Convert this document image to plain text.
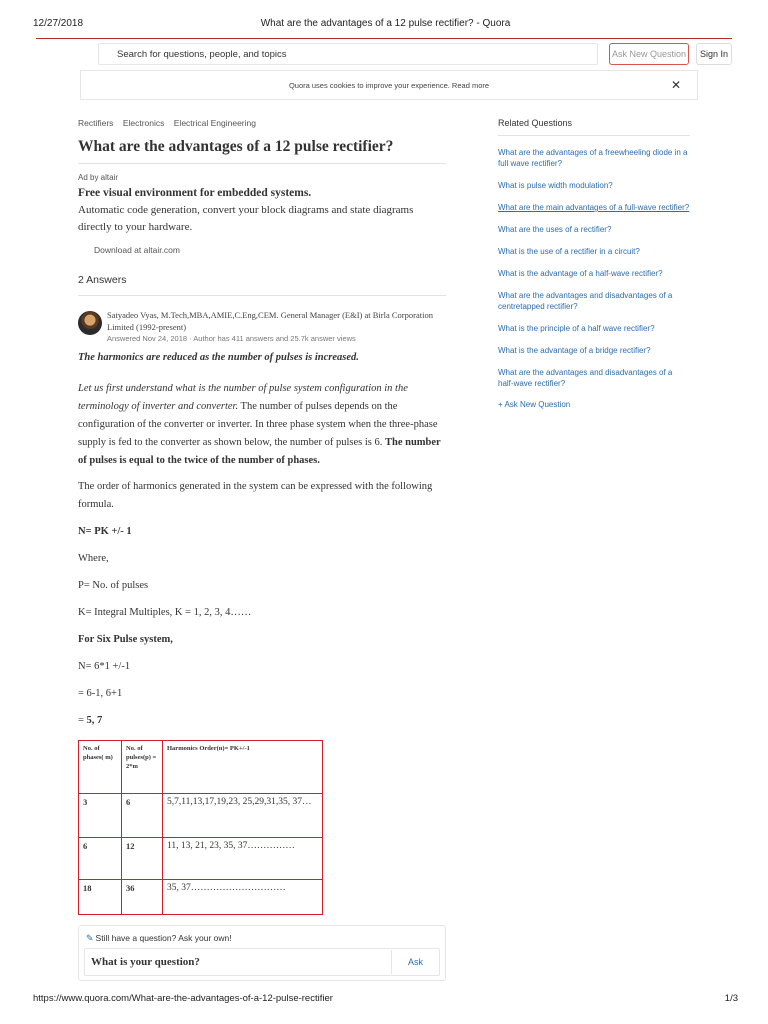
12/27/2018	What are the advantages of a 12 pulse rectifier? - Quora
Search for questions, people, and topics	Ask New Question	Sign In
Quora uses cookies to improve your experience. Read more	✕
Rectifiers Electronics Electrical Engineering
What are the advantages of a 12 pulse rectifier?
Ad by altair
Free visual environment for embedded systems.
Automatic code generation, convert your block diagrams and state diagrams directly to your hardware.
Download at altair.com
2 Answers
Satyadeo Vyas, M.Tech,MBA,AMIE,C.Eng,CEM. General Manager (E&I) at Birla Corporation Limited (1992-present)
Answered Nov 24, 2018 · Author has 411 answers and 25.7k answer views

The harmonics are reduced as the number of pulses is increased.

Let us first understand what is the number of pulse system configuration in the terminology of inverter and converter. The number of pulses depends on the configuration of the converter or inverter. In three phase system when the three-phase supply is fed to the converter as shown below, the number of pulses is 6. The number of pulses is equal to the twice of the number of phases.

The order of harmonics generated in the system can be expressed with the following formula.

N= PK +/- 1

Where,

P= No. of pulses

K= Integral Multiples, K = 1, 2, 3, 4……

For Six Pulse system,

N= 6*1 +/-1

= 6-1, 6+1

= 5, 7

No. of phases( m)	No. of pulses(p) = 2*m	Harmonics Order(n)= PK+/-1
3	6	5,7,11,13,17,19,23, 25,29,31,35, 37…
6	12	11, 13, 21, 23, 35, 37……………
18	36	35, 37…………………………
✎ Still have a question? Ask your own!
What is your question?	Ask
Related Questions
What are the advantages of a freewheeling diode in a full wave rectifier?
What is pulse width modulation?
What are the main advantages of a full-wave rectifier?
What are the uses of a rectifier?
What is the use of a rectifier in a circuit?
What is the advantage of a half-wave rectifier?
What are the advantages and disadvantages of a centretapped rectifier?
What is the principle of a half wave rectifier?
What is the advantage of a bridge rectifier?
What are the advantages and disadvantages of a half-wave rectifier?
+ Ask New Question
https://www.quora.com/What-are-the-advantages-of-a-12-pulse-rectifier	1/3
